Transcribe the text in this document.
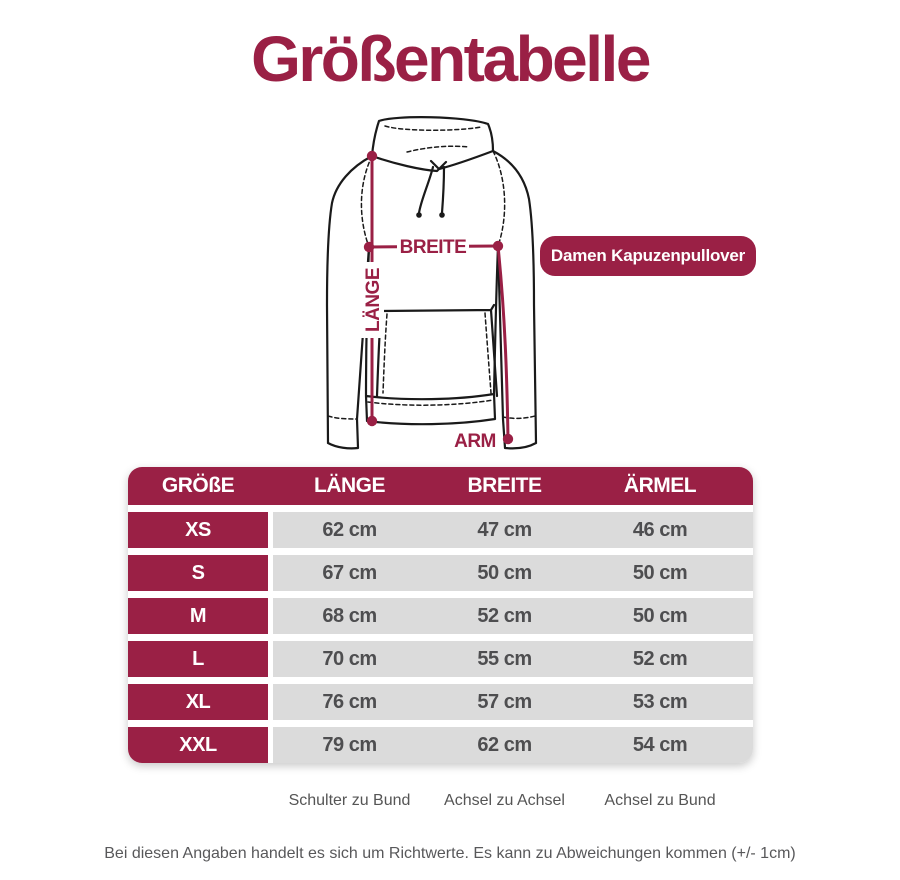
Größentabelle
BREITE
LÄNGE
ARM
Damen Kapuzenpullover
GRÖßE	LÄNGE	BREITE	ÄRMEL
XS	62 cm	47 cm	46 cm
S	67 cm	50 cm	50 cm
M	68 cm	52 cm	50 cm
L	70 cm	55 cm	52 cm
XL	76 cm	57 cm	53 cm
XXL	79 cm	62 cm	54 cm
Schulter zu Bund	Achsel zu Achsel	Achsel zu Bund
Bei diesen Angaben handelt es sich um Richtwerte. Es kann zu Abweichungen kommen (+/- 1cm)
